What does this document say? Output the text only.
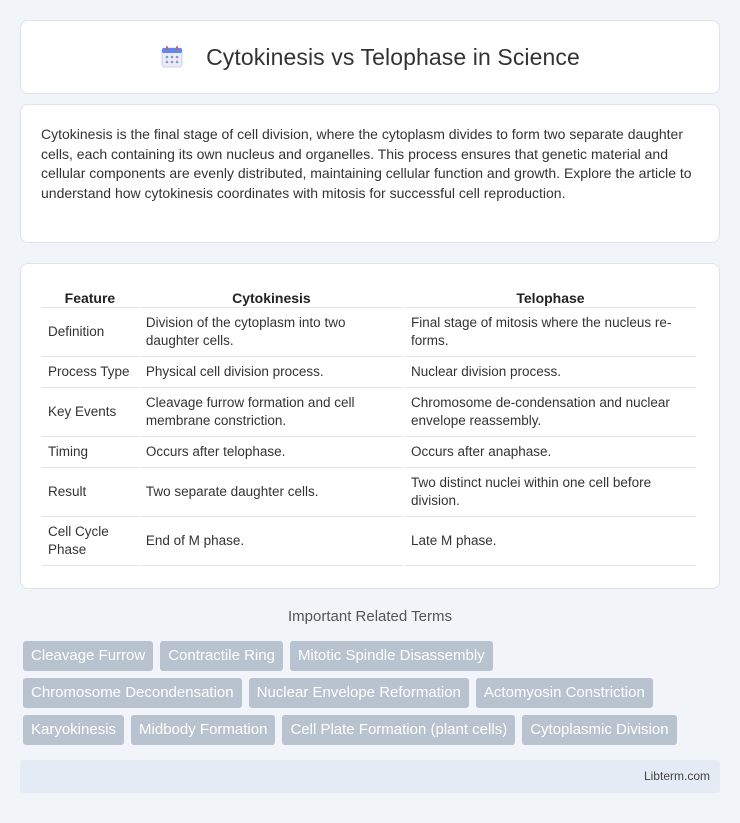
Cytokinesis vs Telophase in Science

Cytokinesis is the final stage of cell division, where the cytoplasm divides to form two separate daughter cells, each containing its own nucleus and organelles. This process ensures that genetic material and cellular components are evenly distributed, maintaining cellular function and growth. Explore the article to understand how cytokinesis coordinates with mitosis for successful cell reproduction.

Feature	Cytokinesis	Telophase
Definition	Division of the cytoplasm into two daughter cells.	Final stage of mitosis where the nucleus re-forms.
Process Type	Physical cell division process.	Nuclear division process.
Key Events	Cleavage furrow formation and cell membrane constriction.	Chromosome de-condensation and nuclear envelope reassembly.
Timing	Occurs after telophase.	Occurs after anaphase.
Result	Two separate daughter cells.	Two distinct nuclei within one cell before division.
Cell Cycle Phase	End of M phase.	Late M phase.
Important Related Terms
Cleavage Furrow	Contractile Ring	Mitotic Spindle Disassembly
Chromosome Decondensation	Nuclear Envelope Reformation	Actomyosin Constriction
Karyokinesis	Midbody Formation	Cell Plate Formation (plant cells)	Cytoplasmic Division
Libterm.com
